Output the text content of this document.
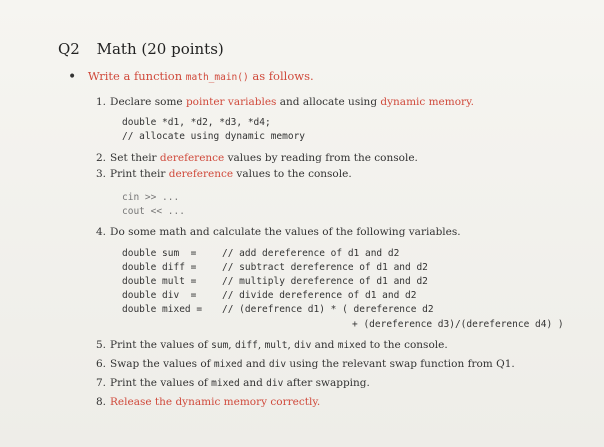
Q2 Math (20 points)
• Write a function math_main() as follows.
1. Declare some pointer variables and allocate using dynamic memory.
double *d1, *d2, *d3, *d4;
// allocate using dynamic memory
2. Set their dereference values by reading from the console.
3. Print their dereference values to the console.
cin >> ...
cout << ...
4. Do some math and calculate the values of the following variables.
double sum  =	// add dereference of d1 and d2
double diff =	// subtract dereference of d1 and d2
double mult =	// multiply dereference of d1 and d2
double div  =	// divide dereference of d1 and d2
double mixed = // (derefrence d1) * ( dereference d2
+ (dereference d3)/(dereference d4) )
5. Print the values of sum, diff, mult, div and mixed to the console.
6. Swap the values of mixed and div using the relevant swap function from Q1.
7. Print the values of mixed and div after swapping.
8. Release the dynamic memory correctly.
